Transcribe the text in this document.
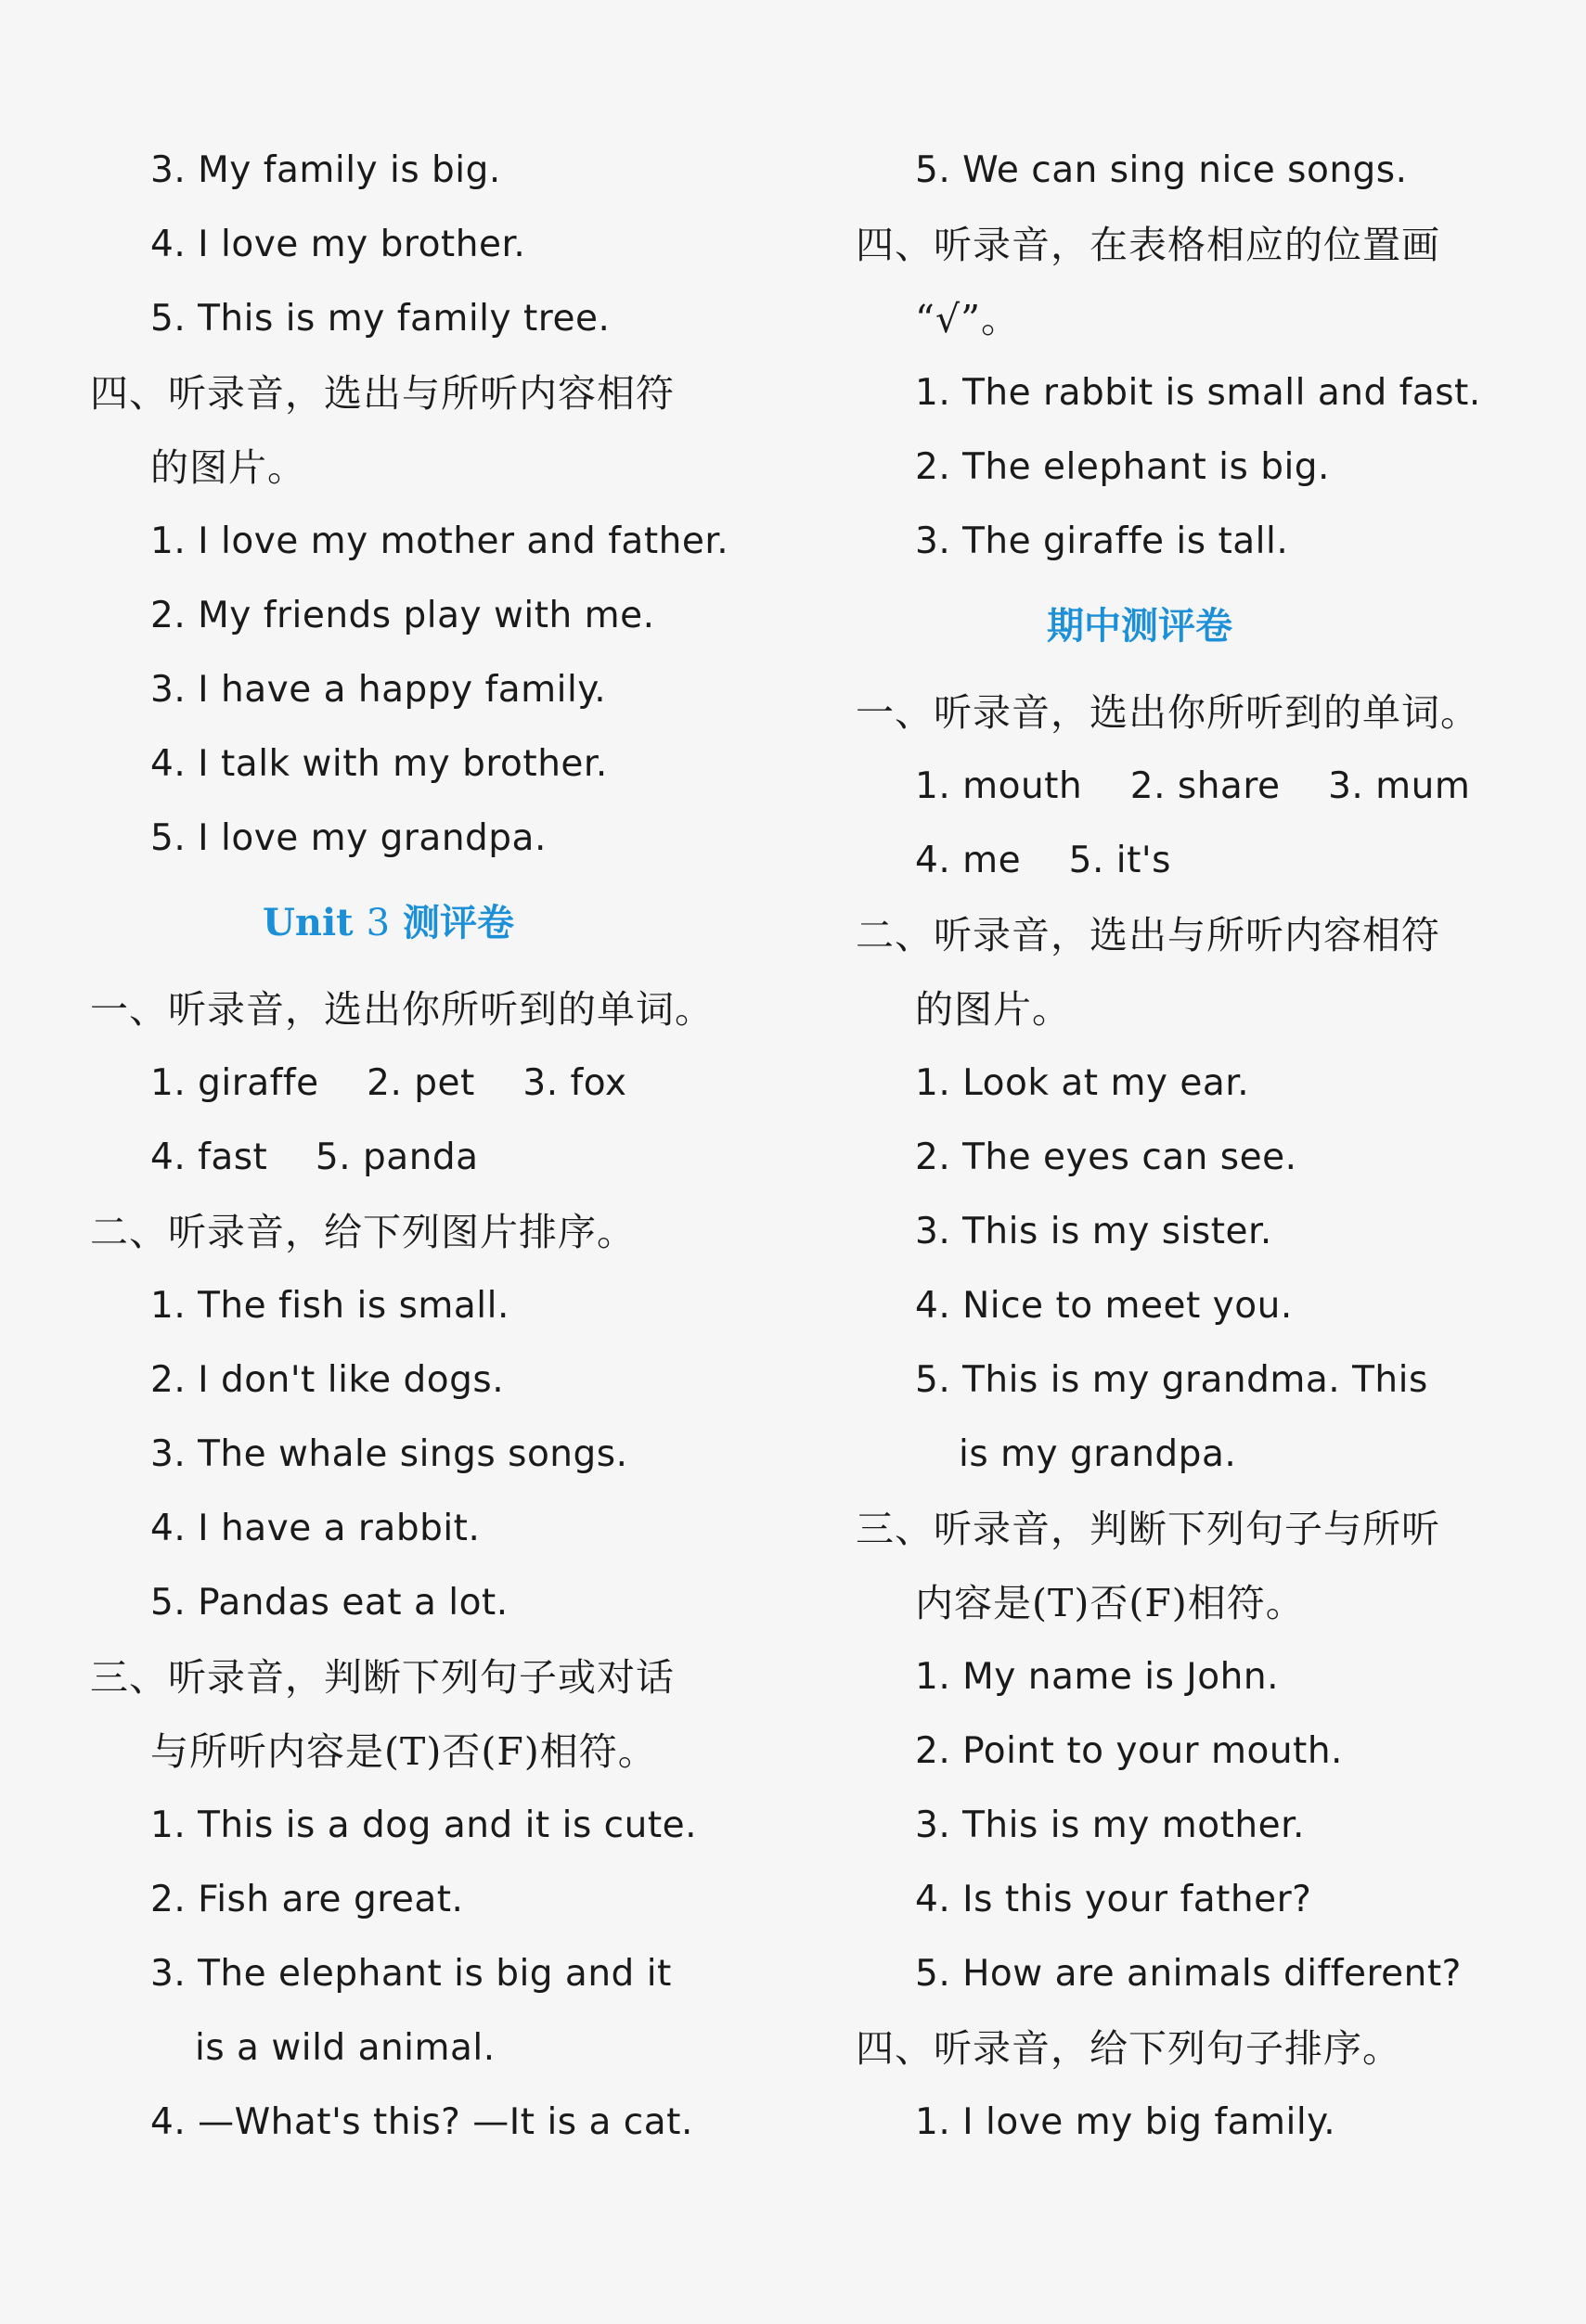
3. My family is big.
4. I love my brother.
5. This is my family tree.
四、听录音，选出与所听内容相符
的图片。
1. I love my mother and father.
2. My friends play with me.
3. I have a happy family.
4. I talk with my brother.
5. I love my grandpa.
Unit 3 测评卷
一、听录音，选出你所听到的单词。
1. giraffe    2. pet    3. fox
4. fast    5. panda
二、听录音，给下列图片排序。
1. The fish is small.
2. I don't like dogs.
3. The whale sings songs.
4. I have a rabbit.
5. Pandas eat a lot.
三、听录音，判断下列句子或对话
与所听内容是(T)否(F)相符。
1. This is a dog and it is cute.
2. Fish are great.
3. The elephant is big and it
is a wild animal.
4. —What's this? —It is a cat.
5. We can sing nice songs.
四、听录音，在表格相应的位置画
“√”。
1. The rabbit is small and fast.
2. The elephant is big.
3. The giraffe is tall.
期中测评卷
一、听录音，选出你所听到的单词。
1. mouth    2. share    3. mum
4. me    5. it's
二、听录音，选出与所听内容相符
的图片。
1. Look at my ear.
2. The eyes can see.
3. This is my sister.
4. Nice to meet you.
5. This is my grandma. This
is my grandpa.
三、听录音，判断下列句子与所听
内容是(T)否(F)相符。
1. My name is John.
2. Point to your mouth.
3. This is my mother.
4. Is this your father?
5. How are animals different?
四、听录音，给下列句子排序。
1. I love my big family.
